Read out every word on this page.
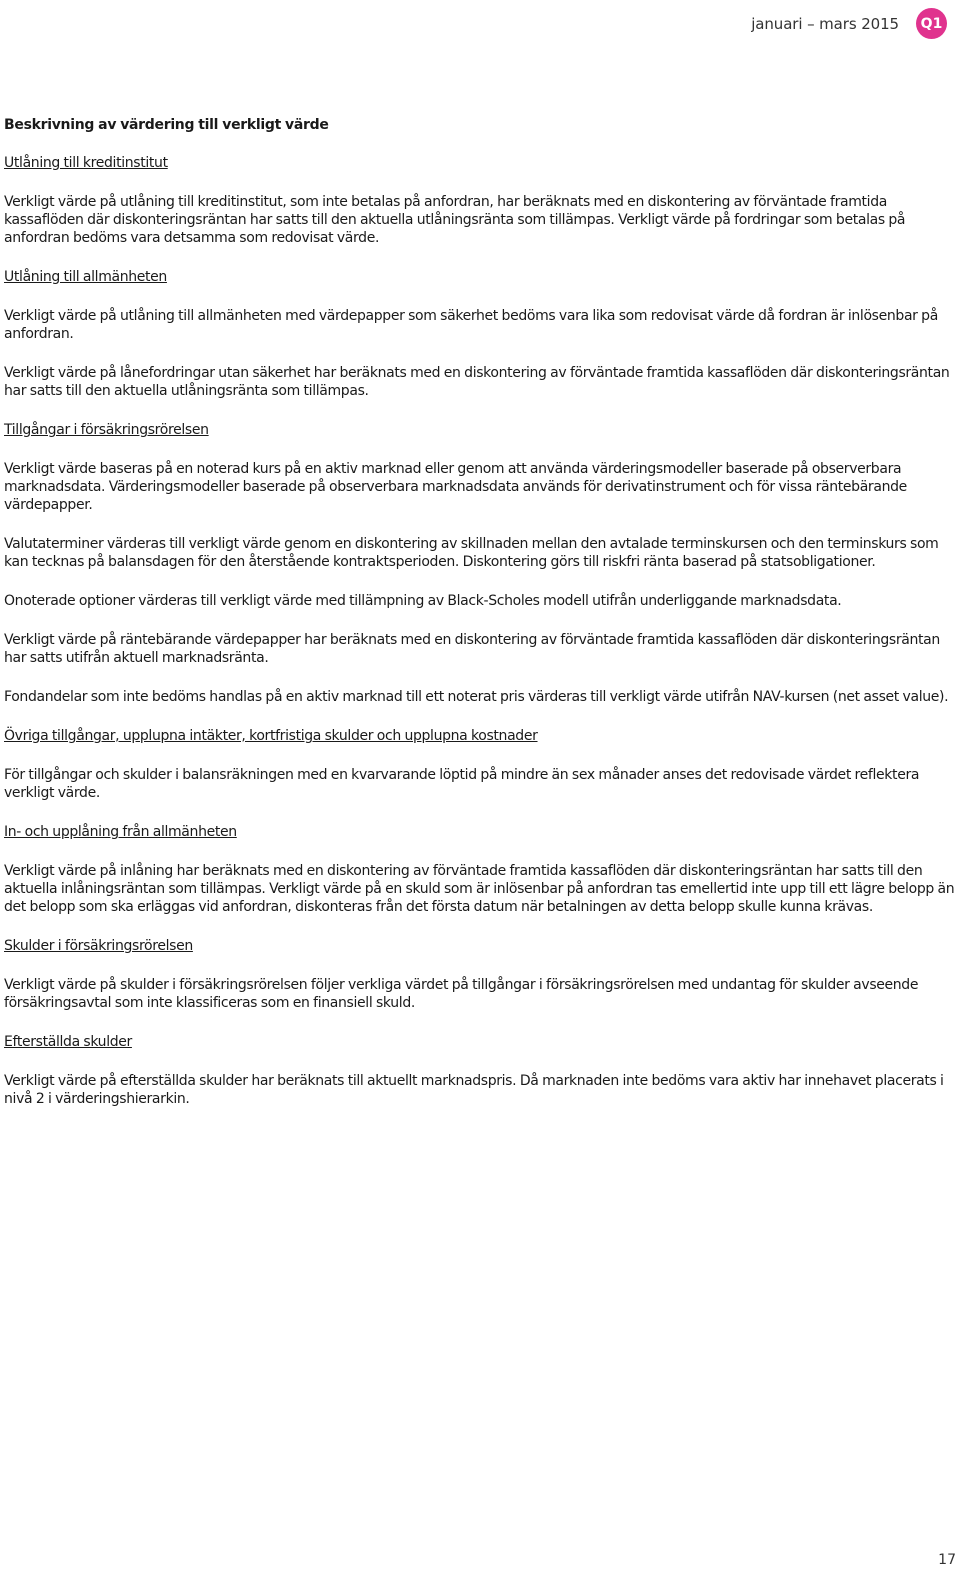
januari – mars 2015	Q1
Beskrivning av värdering till verkligt värde
Utlåning till kreditinstitut

Verkligt värde på utlåning till kreditinstitut, som inte betalas på anfordran, har beräknats med en diskontering av förväntade framtida kassaflöden där diskonteringsräntan har satts till den aktuella utlåningsränta som tillämpas. Verkligt värde på fordringar som betalas på anfordran bedöms vara detsamma som redovisat värde.

Utlåning till allmänheten

Verkligt värde på utlåning till allmänheten med värdepapper som säkerhet bedöms vara lika som redovisat värde då fordran är inlösenbar på anfordran.

Verkligt värde på lånefordringar utan säkerhet har beräknats med en diskontering av förväntade framtida kassaflöden där diskonteringsräntan har satts till den aktuella utlåningsränta som tillämpas.

Tillgångar i försäkringsrörelsen

Verkligt värde baseras på en noterad kurs på en aktiv marknad eller genom att använda värderingsmodeller baserade på observerbara marknadsdata. Värderingsmodeller baserade på observerbara marknadsdata används för derivatinstrument och för vissa räntebärande värdepapper.

Valutaterminer värderas till verkligt värde genom en diskontering av skillnaden mellan den avtalade terminskursen och den terminskurs som kan tecknas på balansdagen för den återstående kontraktsperioden. Diskontering görs till riskfri ränta baserad på statsobligationer.

Onoterade optioner värderas till verkligt värde med tillämpning av Black-Scholes modell utifrån underliggande marknadsdata.

Verkligt värde på räntebärande värdepapper har beräknats med en diskontering av förväntade framtida kassaflöden där diskonteringsräntan har satts utifrån aktuell marknadsränta.

Fondandelar som inte bedöms handlas på en aktiv marknad till ett noterat pris värderas till verkligt värde utifrån NAV-kursen (net asset value).

Övriga tillgångar, upplupna intäkter, kortfristiga skulder och upplupna kostnader

För tillgångar och skulder i balansräkningen med en kvarvarande löptid på mindre än sex månader anses det redovisade värdet reflektera verkligt värde.

In- och upplåning från allmänheten

Verkligt värde på inlåning har beräknats med en diskontering av förväntade framtida kassaflöden där diskonteringsräntan har satts till den aktuella inlåningsräntan som tillämpas. Verkligt värde på en skuld som är inlösenbar på anfordran tas emellertid inte upp till ett lägre belopp än det belopp som ska erläggas vid anfordran, diskonteras från det första datum när betalningen av detta belopp skulle kunna krävas.

Skulder i försäkringsrörelsen

Verkligt värde på skulder i försäkringsrörelsen följer verkliga värdet på tillgångar i försäkringsrörelsen med undantag för skulder avseende försäkringsavtal som inte klassificeras som en finansiell skuld.

Efterställda skulder

Verkligt värde på efterställda skulder har beräknats till aktuellt marknadspris. Då marknaden inte bedöms vara aktiv har innehavet placerats i nivå 2 i värderingshierarkin.

17
